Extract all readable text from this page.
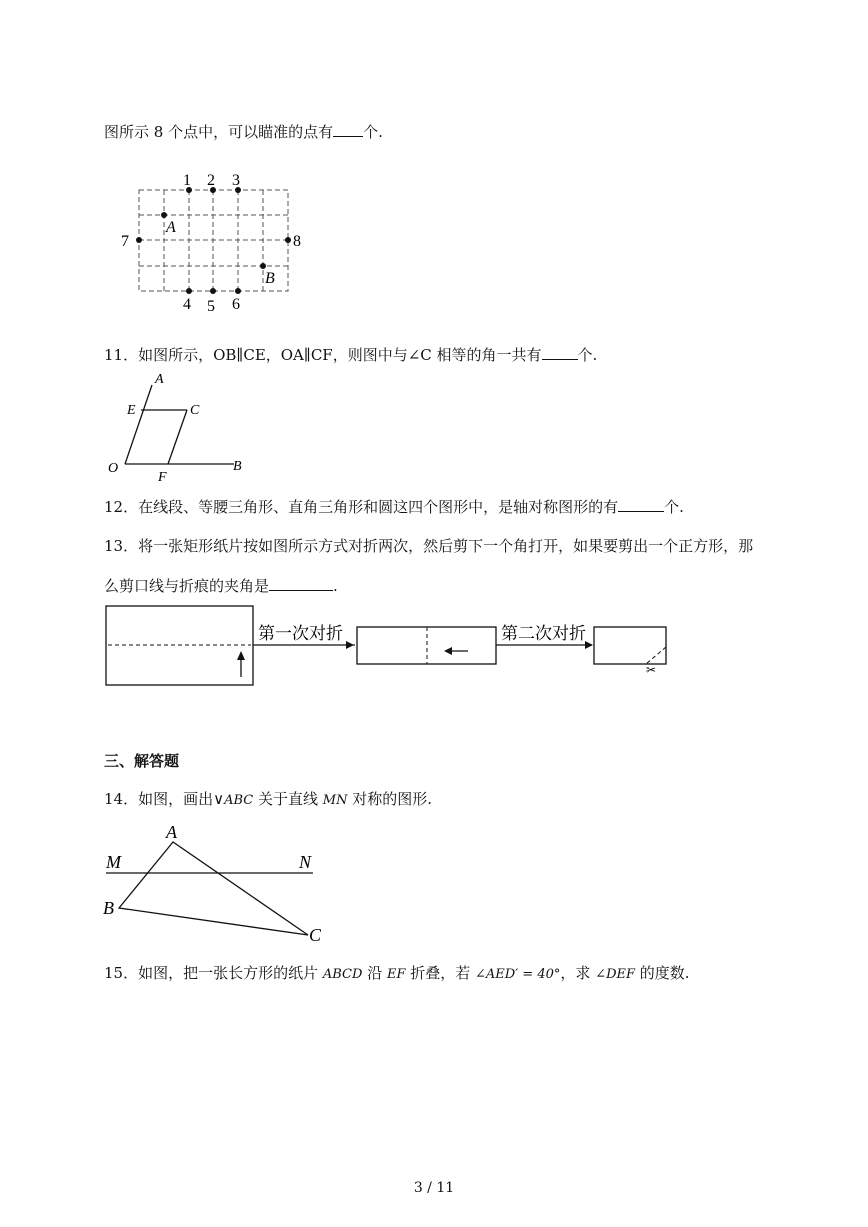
图所示 8 个点中，可以瞄准的点有 个.
1 2 3
4 5 6
7	8
A
B
11．如图所示，OB∥CE，OA∥CF，则图中与∠C 相等的角一共有 个.
A
E	C
O
F
B
12．在线段、等腰三角形、直角三角形和圆这四个图形中，是轴对称图形的有	个.
13．将一张矩形纸片按如图所示方式对折两次，然后剪下一个角打开，如果要剪出一个正方形，那
么剪口线与折痕的夹角是	.
✂
第一次对折	第二次对折
三、解答题
14．如图，画出∨ABC 关于直线 MN 对称的图形.
A
M	N
B
C
15．如图，把一张长方形的纸片 ABCD 沿 EF 折叠，若 ∠AED′ = 40°，求 ∠DEF 的度数.
3 / 11
